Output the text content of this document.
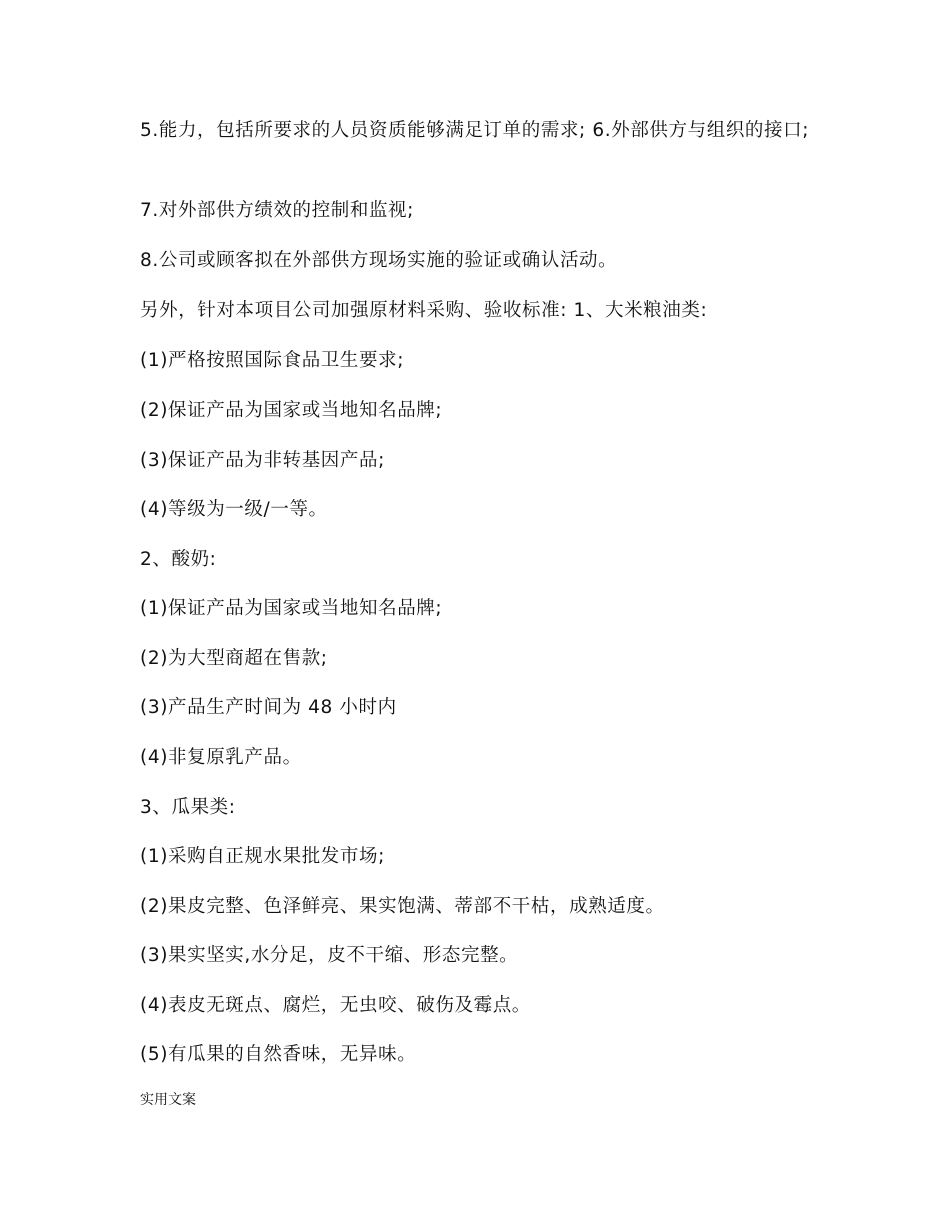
5.能力，包括所要求的人员资质能够满足订单的需求; 6.外部供方与组织的接口;

7.对外部供方绩效的控制和监视;

8.公司或顾客拟在外部供方现场实施的验证或确认活动。

另外，针对本项目公司加强原材料采购、验收标准: 1、大米粮油类:

(1)严格按照国际食品卫生要求;

(2)保证产品为国家或当地知名品牌;

(3)保证产品为非转基因产品;

(4)等级为一级/一等。

2、酸奶:

(1)保证产品为国家或当地知名品牌;

(2)为大型商超在售款;

(3)产品生产时间为 48 小时内

(4)非复原乳产品。

3、瓜果类:

(1)采购自正规水果批发市场;

(2)果皮完整、色泽鲜亮、果实饱满、蒂部不干枯，成熟适度。

(3)果实坚实,水分足，皮不干缩、形态完整。

(4)表皮无斑点、腐烂，无虫咬、破伤及霉点。

(5)有瓜果的自然香味，无异味。

实用文案
